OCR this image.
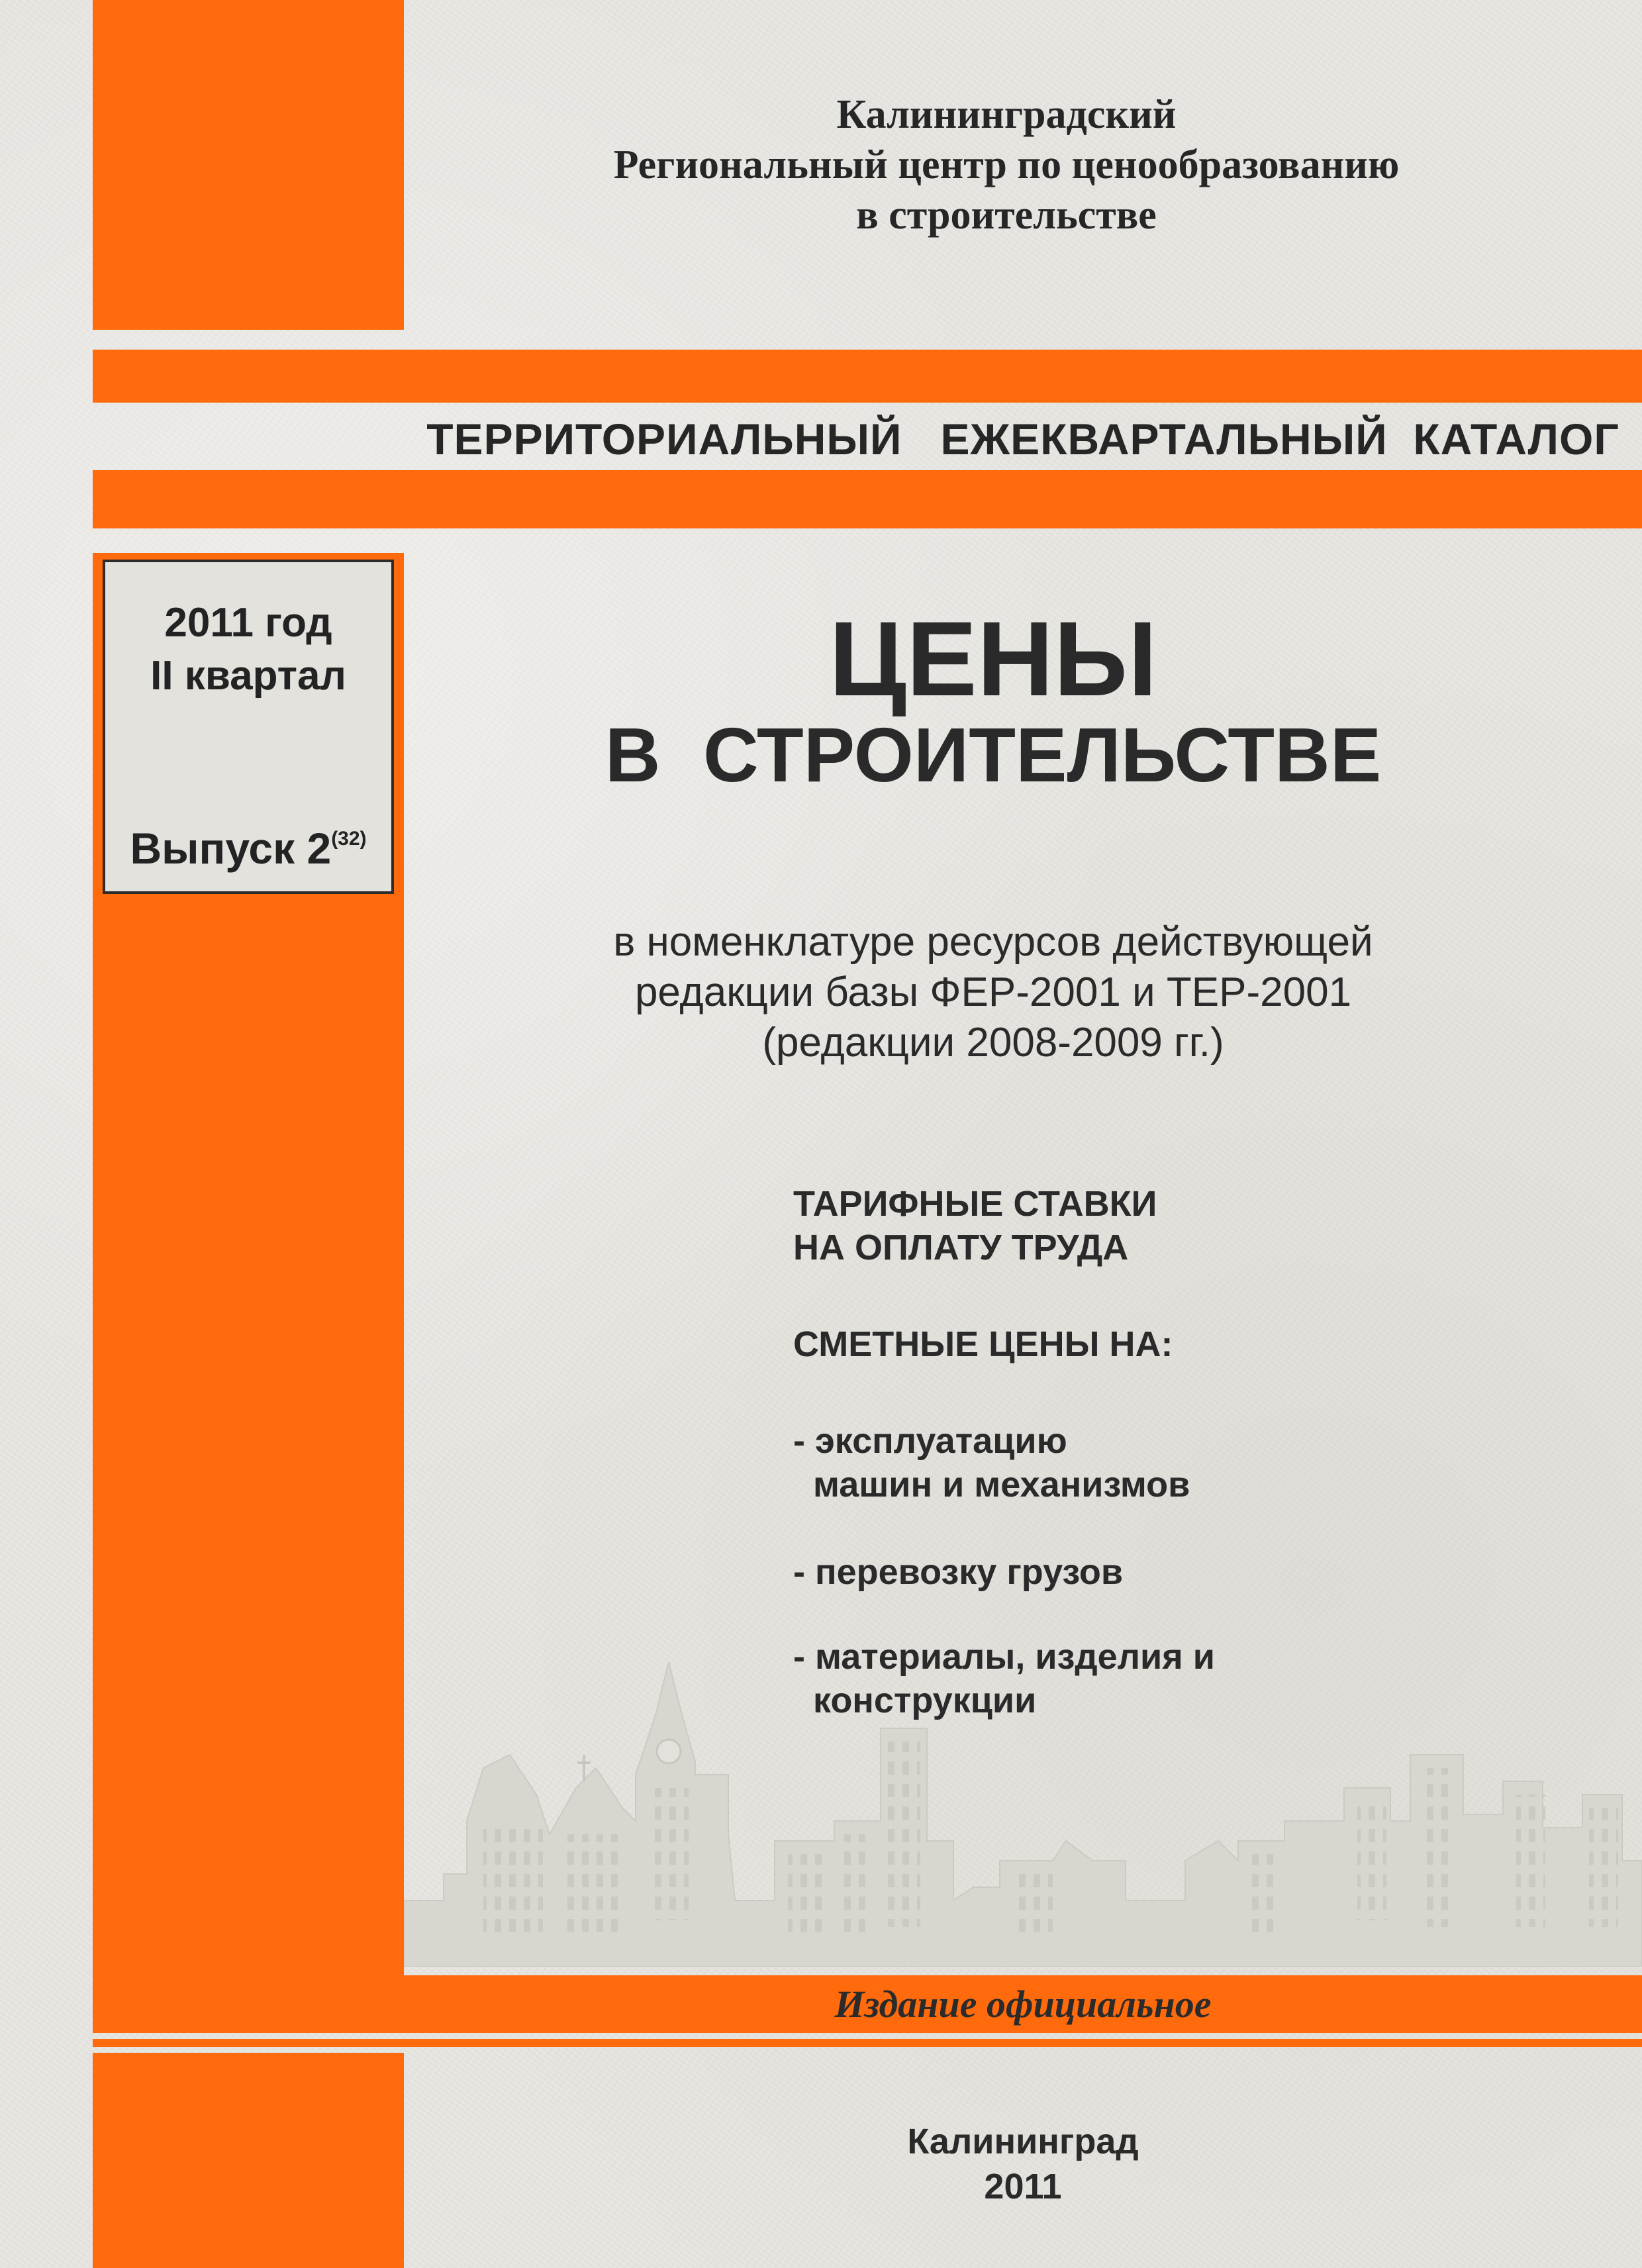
Калининградский
Региональный центр по ценообразованию
в строительстве
ТЕРРИТОРИАЛЬНЫЙ   ЕЖЕКВАРТАЛЬНЫЙ  КАТАЛОГ
2011 год
II квартал
Выпуск 2$^{(32)}$
ЦЕНЫ
В  СТРОИТЕЛЬСТВЕ
в номенклатуре ресурсов действующей
редакции базы ФЕР-2001 и ТЕР-2001
(редакции 2008-2009 гг.)
ТАРИФНЫЕ СТАВКИ
НА ОПЛАТУ ТРУДА
СМЕТНЫЕ ЦЕНЫ НА:
- эксплуатацию
машин и механизмов
- перевозку грузов
- материалы, изделия и
конструкции
Издание официальное
Калининград
2011
